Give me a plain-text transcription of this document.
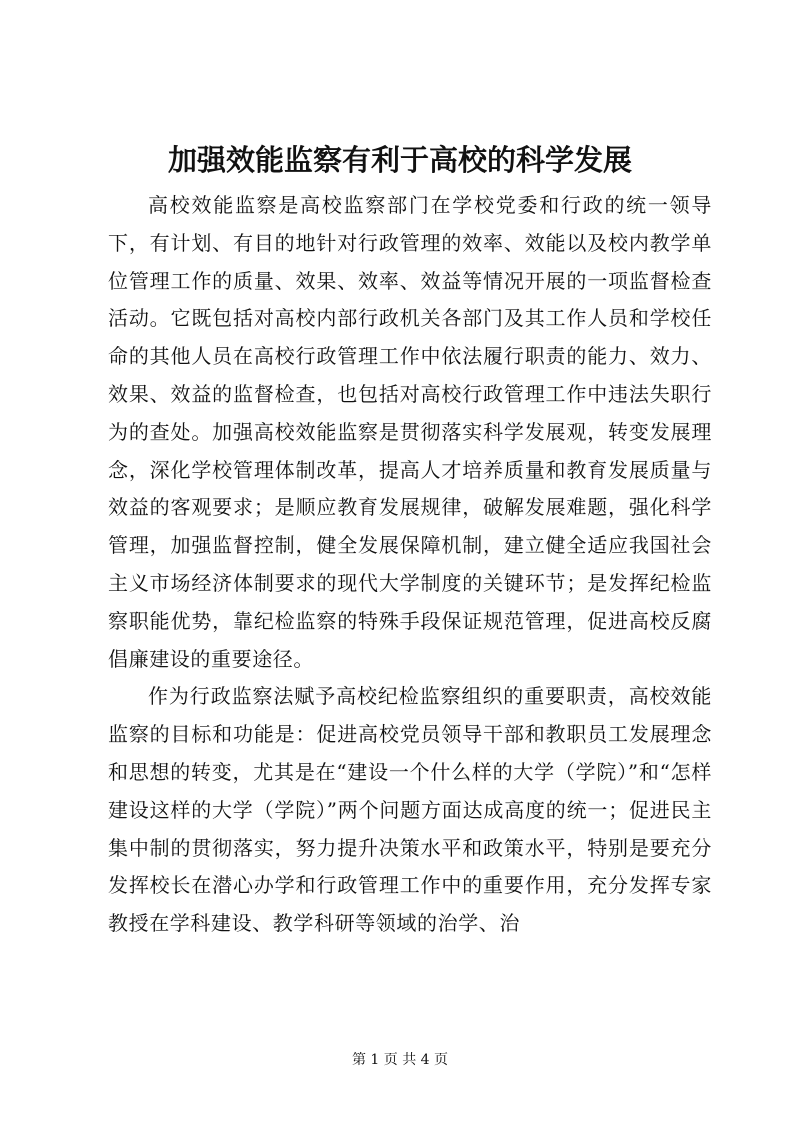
加强效能监察有利于高校的科学发展

高校效能监察是高校监察部门在学校党委和行政的统一领导下，有计划、有目的地针对行政管理的效率、效能以及校内教学单位管理工作的质量、效果、效率、效益等情况开展的一项监督检查活动。它既包括对高校内部行政机关各部门及其工作人员和学校任命的其他人员在高校行政管理工作中依法履行职责的能力、效力、效果、效益的监督检查，也包括对高校行政管理工作中违法失职行为的查处。加强高校效能监察是贯彻落实科学发展观，转变发展理念，深化学校管理体制改革，提高人才培养质量和教育发展质量与效益的客观要求；是顺应教育发展规律，破解发展难题，强化科学管理，加强监督控制，健全发展保障机制，建立健全适应我国社会主义市场经济体制要求的现代大学制度的关键环节；是发挥纪检监察职能优势，靠纪检监察的特殊手段保证规范管理，促进高校反腐倡廉建设的重要途径。

作为行政监察法赋予高校纪检监察组织的重要职责，高校效能监察的目标和功能是：促进高校党员领导干部和教职员工发展理念和思想的转变，尤其是在“建设一个什么样的大学（学院）”和“怎样建设这样的大学（学院）”两个问题方面达成高度的统一；促进民主集中制的贯彻落实，努力提升决策水平和政策水平，特别是要充分发挥校长在潜心办学和行政管理工作中的重要作用，充分发挥专家教授在学科建设、教学科研等领域的治学、治

第 1 页 共 4 页
